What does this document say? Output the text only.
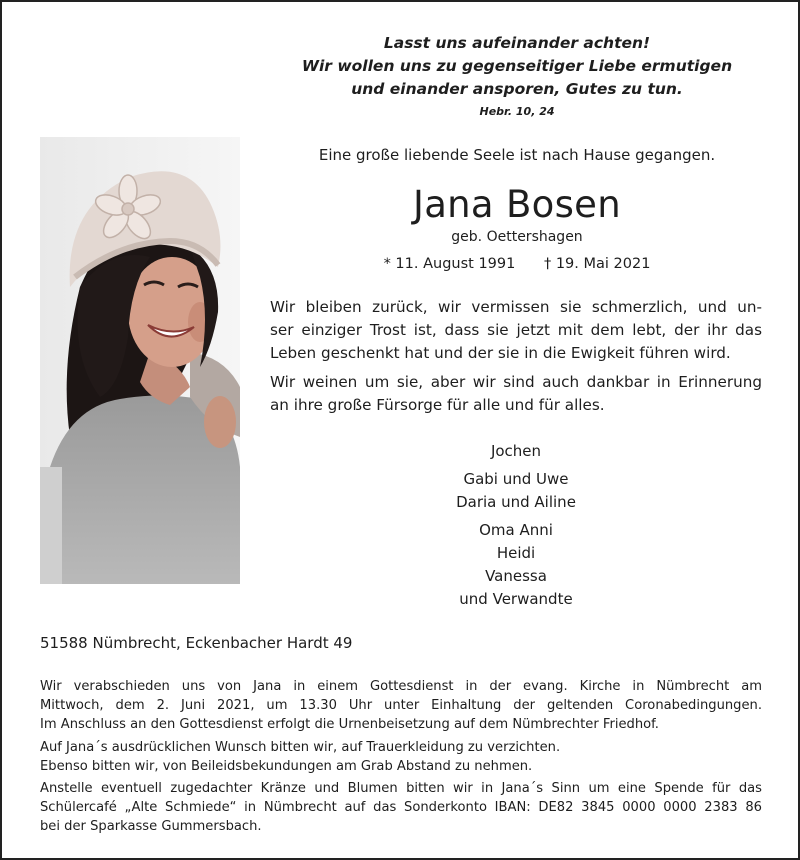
Lasst uns aufeinander achten!
Wir wollen uns zu gegenseitiger Liebe ermutigen
und einander ansporen, Gutes zu tun.
Hebr. 10, 24
Eine große liebende Seele ist nach Hause gegangen.
Jana Bosen
geb. Oettershagen
* 11. August 1991 † 19. Mai 2021
Wir bleiben zurück, wir vermissen sie schmerzlich, und un-
ser einziger Trost ist, dass sie jetzt mit dem lebt, der ihr das
Leben geschenkt hat und der sie in die Ewigkeit führen wird.
Wir weinen um sie, aber wir sind auch dankbar in Erinnerung
an ihre große Fürsorge für alle und für alles.
Jochen
Gabi und Uwe
Daria und Ailine
Oma Anni
Heidi
Vanessa
und Verwandte
51588 Nümbrecht, Eckenbacher Hardt 49
Wir verabschieden uns von Jana in einem Gottesdienst in der evang. Kirche in Nümbrecht am
Mittwoch, dem 2. Juni 2021, um 13.30 Uhr unter Einhaltung der geltenden Coronabedingungen.
Im Anschluss an den Gottesdienst erfolgt die Urnenbeisetzung auf dem Nümbrechter Friedhof.
Auf Jana´s ausdrücklichen Wunsch bitten wir, auf Trauerkleidung zu verzichten.
Ebenso bitten wir, von Beileidsbekundungen am Grab Abstand zu nehmen.
Anstelle eventuell zugedachter Kränze und Blumen bitten wir in Jana´s Sinn um eine Spende für das
Schülercafé „Alte Schmiede“ in Nümbrecht auf das Sonderkonto IBAN: DE82 3845 0000 0000 2383 86
bei der Sparkasse Gummersbach.
